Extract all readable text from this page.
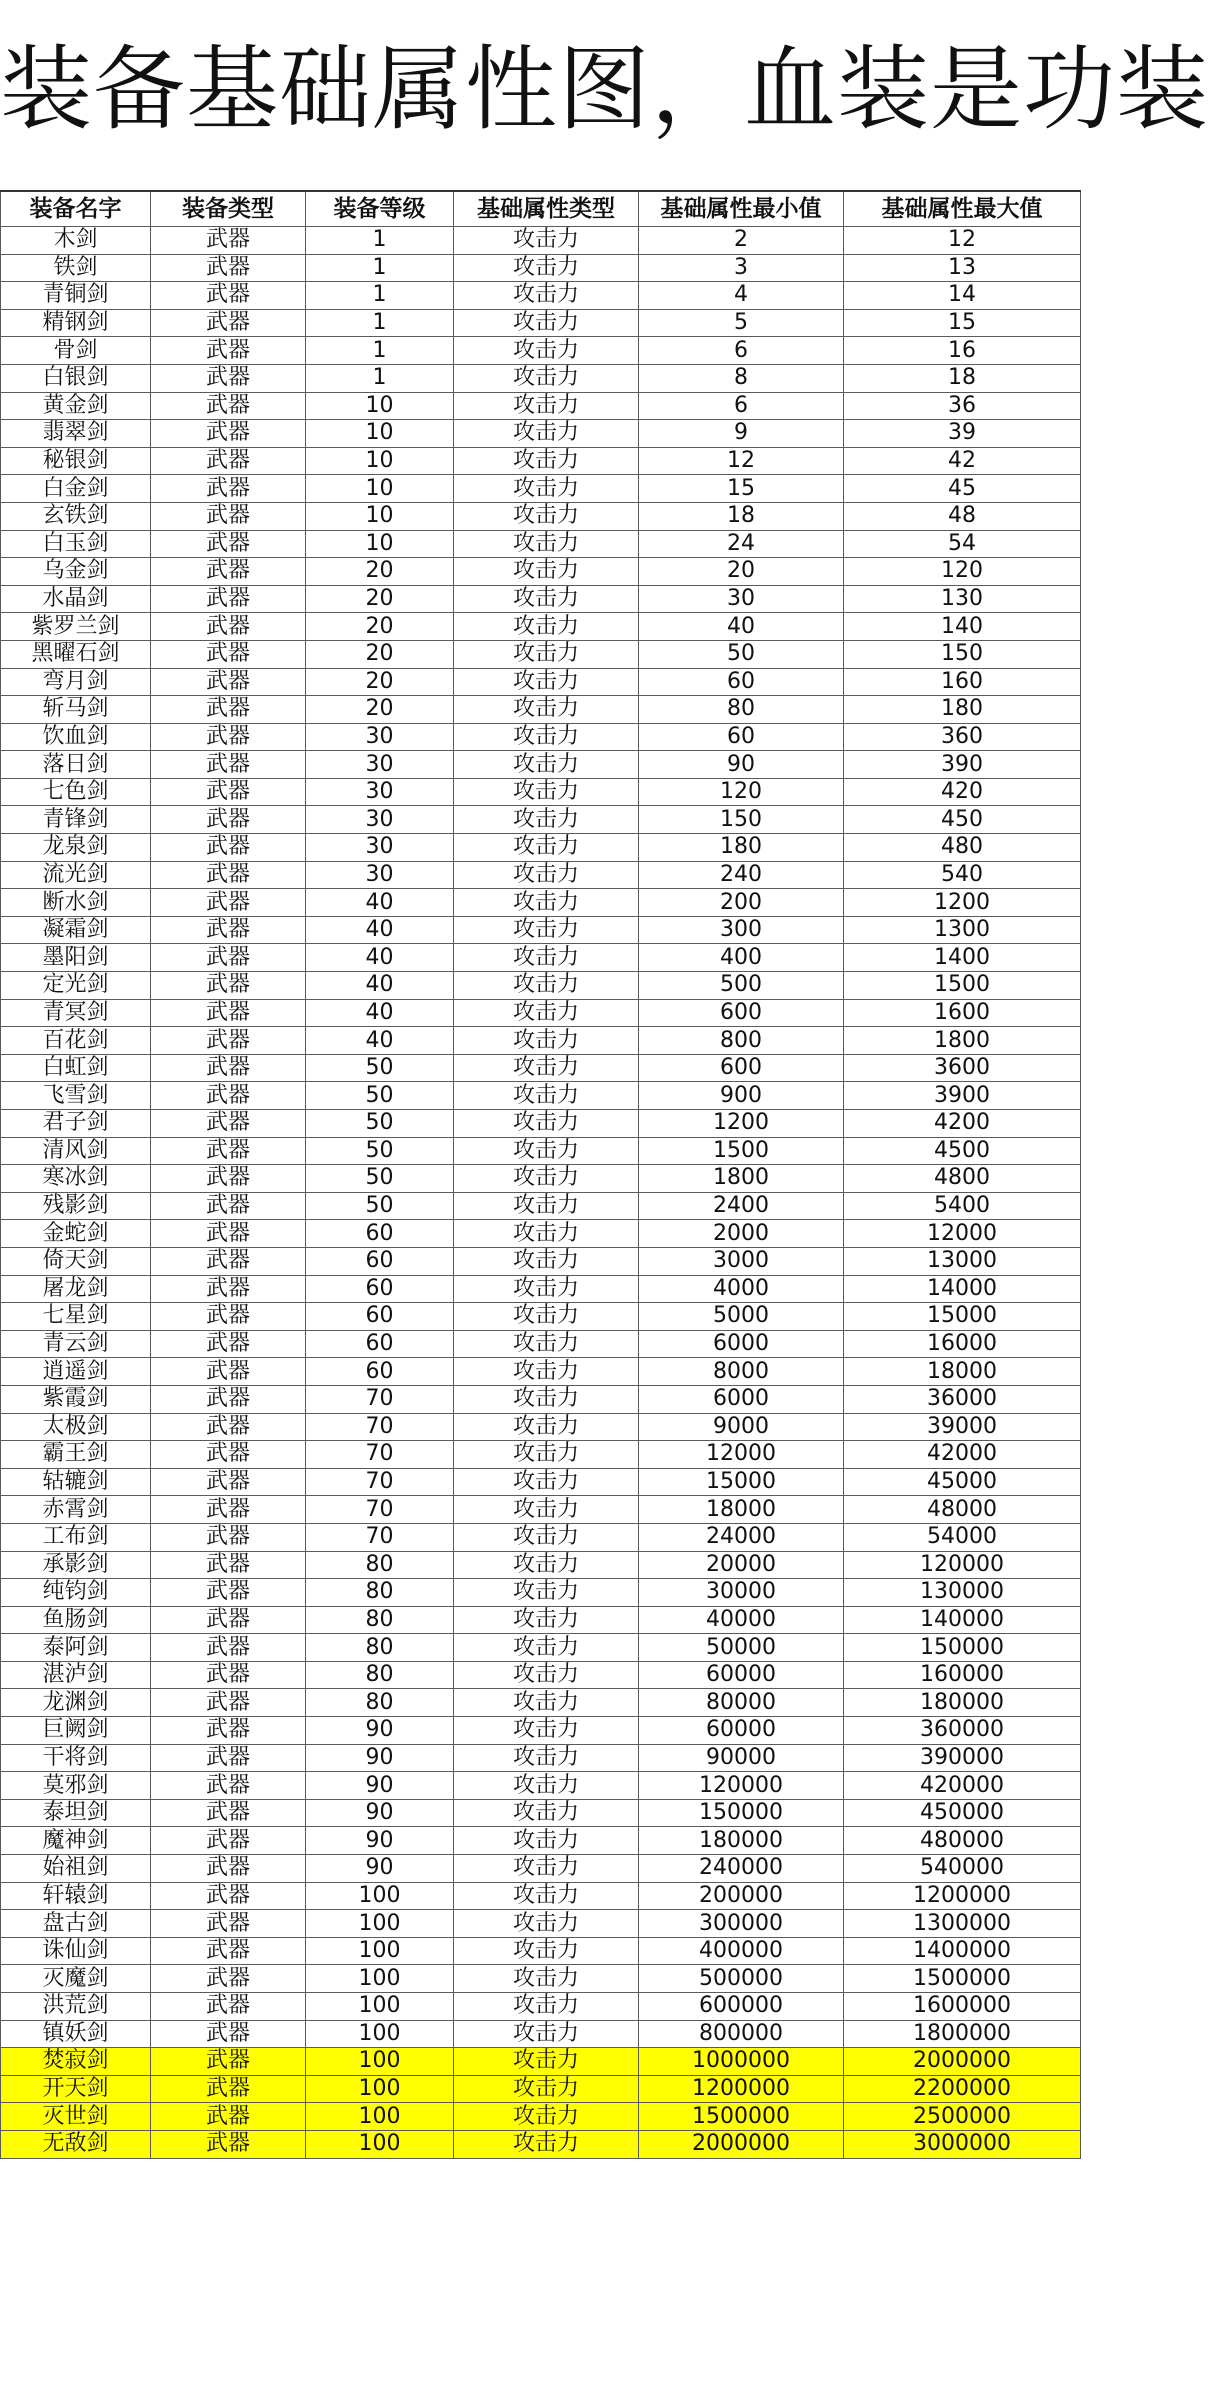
装备基础属性图，血装是功装
装备名字	装备类型	装备等级	基础属性类型	基础属性最小值	基础属性最大值
木剑	武器	1	攻击力	2	12
铁剑	武器	1	攻击力	3	13
青铜剑	武器	1	攻击力	4	14
精钢剑	武器	1	攻击力	5	15
骨剑	武器	1	攻击力	6	16
白银剑	武器	1	攻击力	8	18
黄金剑	武器	10	攻击力	6	36
翡翠剑	武器	10	攻击力	9	39
秘银剑	武器	10	攻击力	12	42
白金剑	武器	10	攻击力	15	45
玄铁剑	武器	10	攻击力	18	48
白玉剑	武器	10	攻击力	24	54
乌金剑	武器	20	攻击力	20	120
水晶剑	武器	20	攻击力	30	130
紫罗兰剑	武器	20	攻击力	40	140
黑曜石剑	武器	20	攻击力	50	150
弯月剑	武器	20	攻击力	60	160
斩马剑	武器	20	攻击力	80	180
饮血剑	武器	30	攻击力	60	360
落日剑	武器	30	攻击力	90	390
七色剑	武器	30	攻击力	120	420
青锋剑	武器	30	攻击力	150	450
龙泉剑	武器	30	攻击力	180	480
流光剑	武器	30	攻击力	240	540
断水剑	武器	40	攻击力	200	1200
凝霜剑	武器	40	攻击力	300	1300
墨阳剑	武器	40	攻击力	400	1400
定光剑	武器	40	攻击力	500	1500
青冥剑	武器	40	攻击力	600	1600
百花剑	武器	40	攻击力	800	1800
白虹剑	武器	50	攻击力	600	3600
飞雪剑	武器	50	攻击力	900	3900
君子剑	武器	50	攻击力	1200	4200
清风剑	武器	50	攻击力	1500	4500
寒冰剑	武器	50	攻击力	1800	4800
残影剑	武器	50	攻击力	2400	5400
金蛇剑	武器	60	攻击力	2000	12000
倚天剑	武器	60	攻击力	3000	13000
屠龙剑	武器	60	攻击力	4000	14000
七星剑	武器	60	攻击力	5000	15000
青云剑	武器	60	攻击力	6000	16000
逍遥剑	武器	60	攻击力	8000	18000
紫霞剑	武器	70	攻击力	6000	36000
太极剑	武器	70	攻击力	9000	39000
霸王剑	武器	70	攻击力	12000	42000
轱辘剑	武器	70	攻击力	15000	45000
赤霄剑	武器	70	攻击力	18000	48000
工布剑	武器	70	攻击力	24000	54000
承影剑	武器	80	攻击力	20000	120000
纯钧剑	武器	80	攻击力	30000	130000
鱼肠剑	武器	80	攻击力	40000	140000
泰阿剑	武器	80	攻击力	50000	150000
湛泸剑	武器	80	攻击力	60000	160000
龙渊剑	武器	80	攻击力	80000	180000
巨阙剑	武器	90	攻击力	60000	360000
干将剑	武器	90	攻击力	90000	390000
莫邪剑	武器	90	攻击力	120000	420000
泰坦剑	武器	90	攻击力	150000	450000
魔神剑	武器	90	攻击力	180000	480000
始祖剑	武器	90	攻击力	240000	540000
轩辕剑	武器	100	攻击力	200000	1200000
盘古剑	武器	100	攻击力	300000	1300000
诛仙剑	武器	100	攻击力	400000	1400000
灭魔剑	武器	100	攻击力	500000	1500000
洪荒剑	武器	100	攻击力	600000	1600000
镇妖剑	武器	100	攻击力	800000	1800000
焚寂剑	武器	100	攻击力	1000000	2000000
开天剑	武器	100	攻击力	1200000	2200000
灭世剑	武器	100	攻击力	1500000	2500000
无敌剑	武器	100	攻击力	2000000	3000000
